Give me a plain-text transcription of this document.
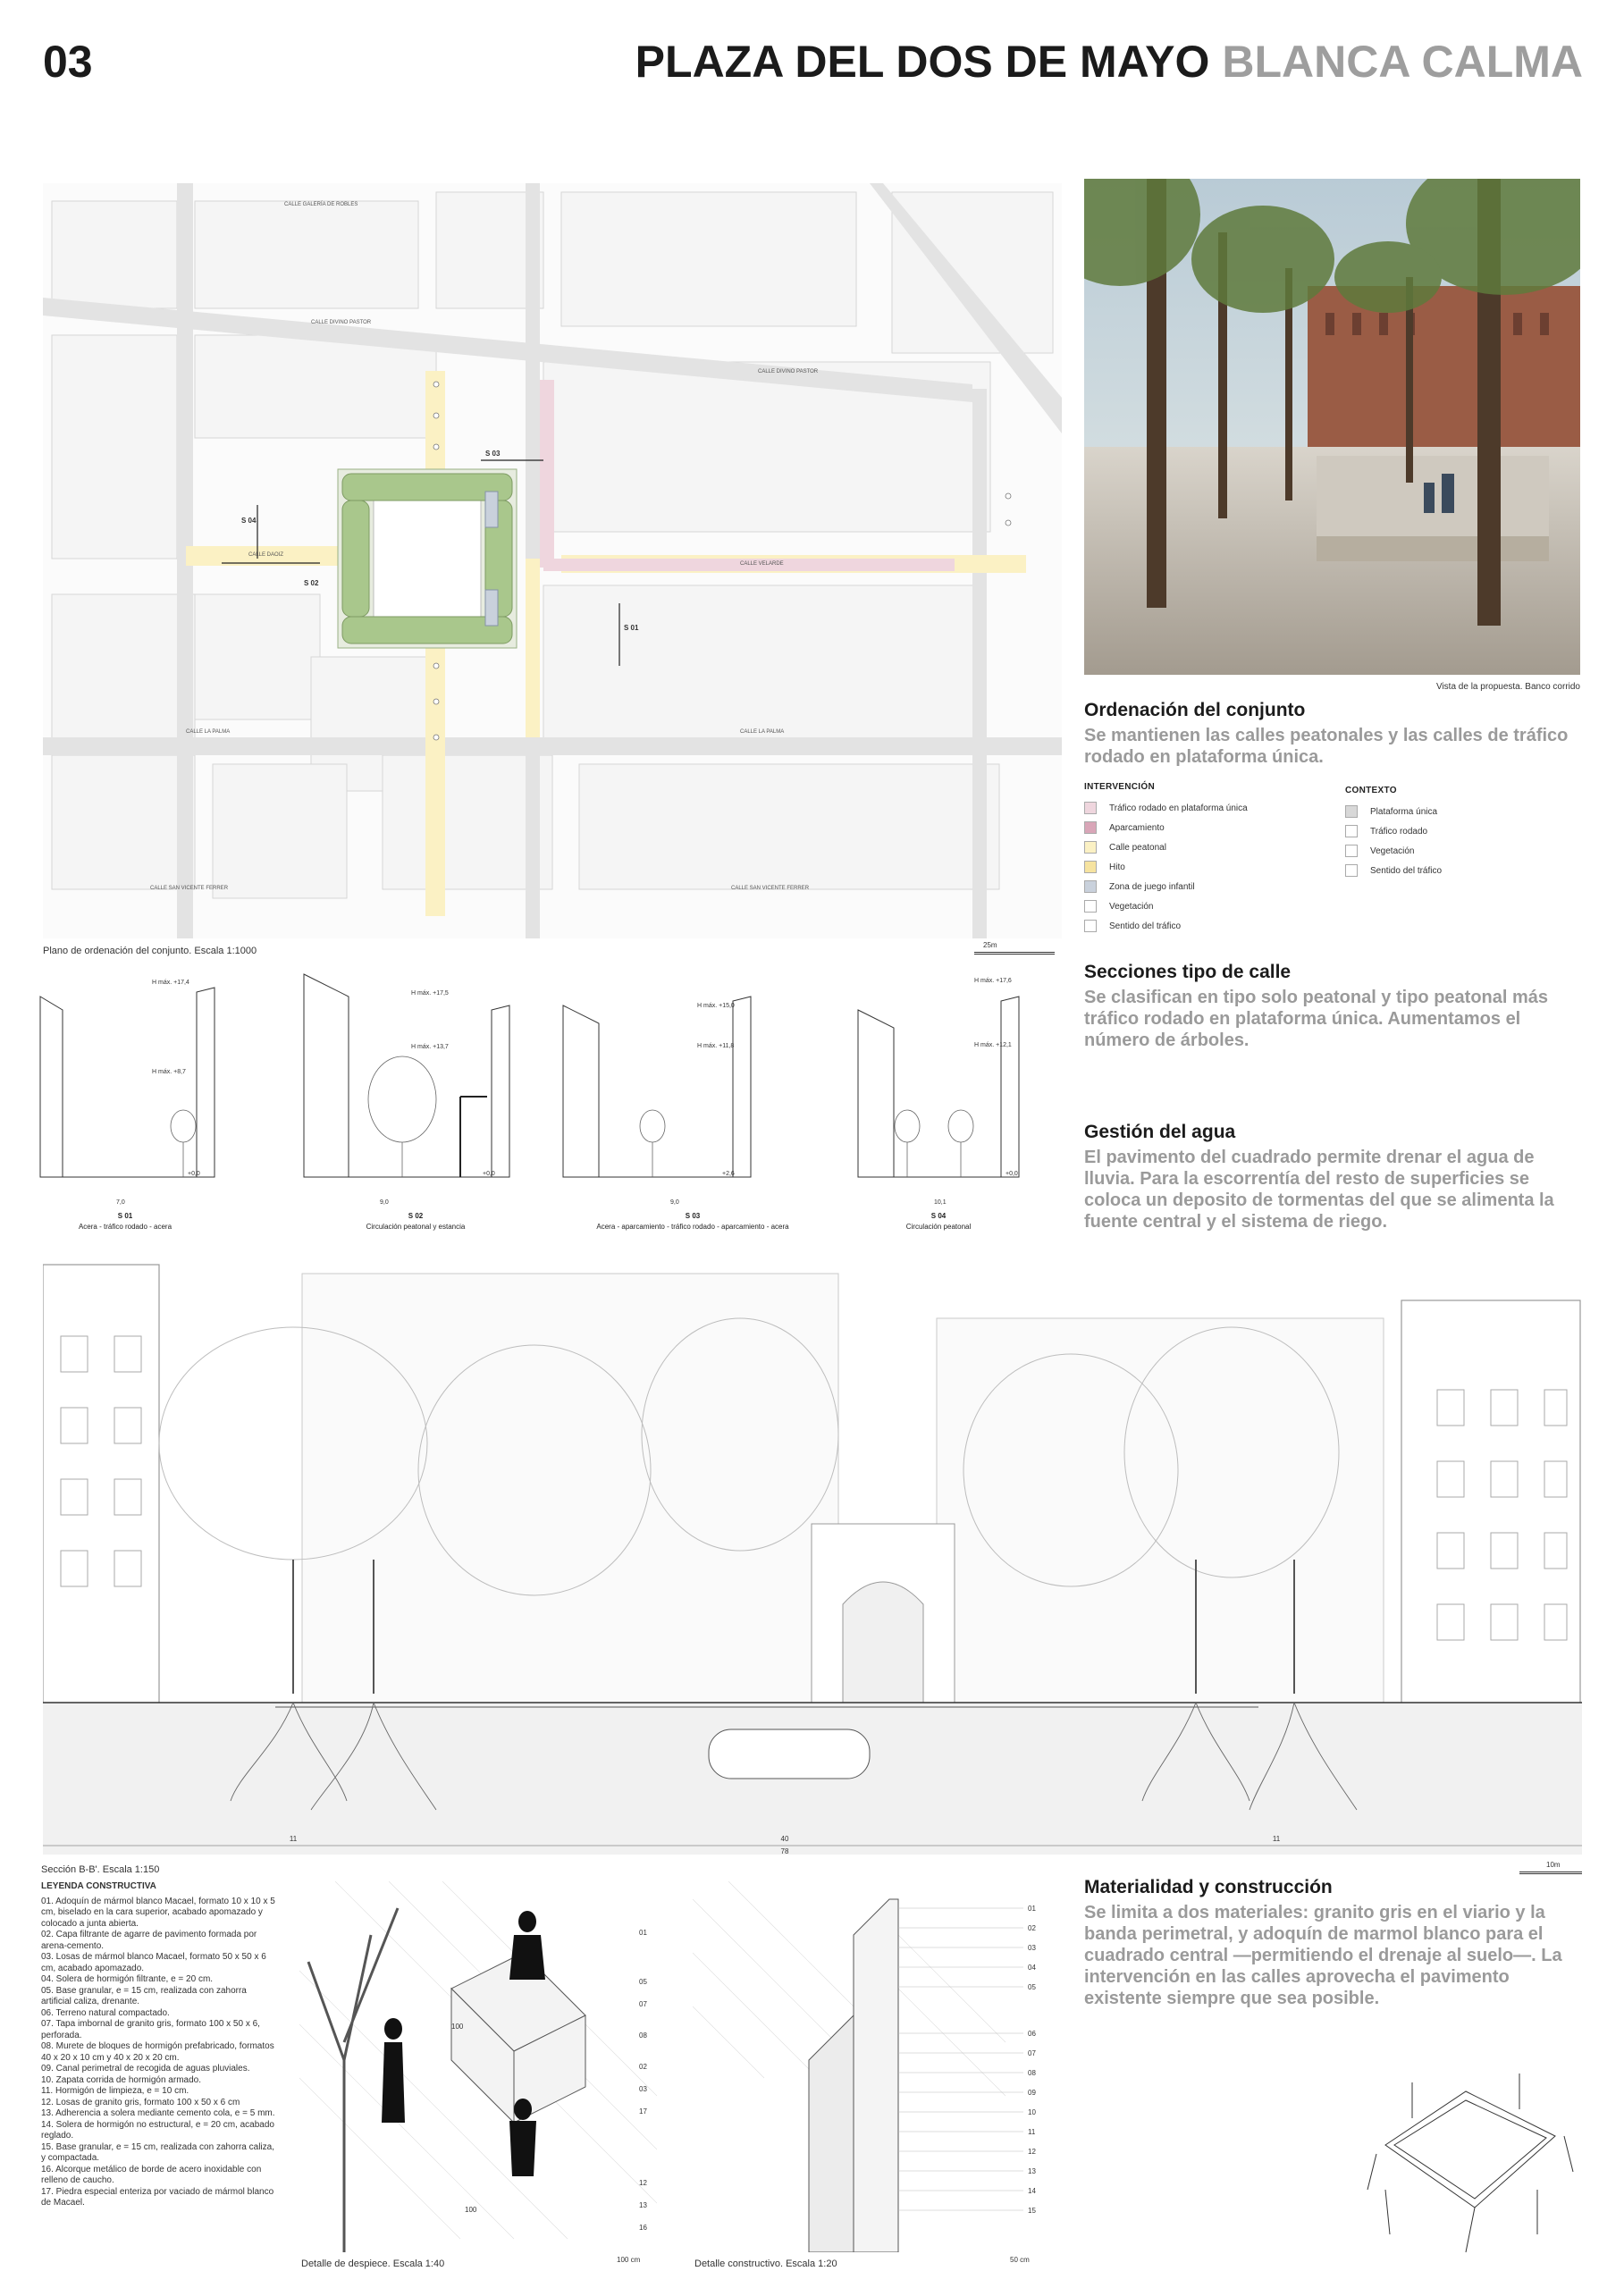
03	PLAZA DEL DOS DE MAYO BLANCA CALMA
S 03
S 02
S 01
S 04
CALLE GALERÍA DE ROBLES
CALLE DIVINO PASTOR
CALLE DIVINO PASTOR
CALLE DAOIZ
CALLE VELARDE
CALLE LA PALMA	CALLE LA PALMA
CALLE SAN VICENTE FERRER	CALLE SAN VICENTE FERRER
Plano de ordenación del conjunto. Escala 1:1000
25m
Vista de la propuesta. Banco corrido
Ordenación del conjunto
Se mantienen las calles peatonales y las calles de tráfico rodado en plataforma única.
INTERVENCIÓN
Tráfico rodado en plataforma única
Aparcamiento
Calle peatonal
Hito
Zona de juego infantil
Vegetación
Sentido del tráfico
CONTEXTO
Plataforma única
Tráfico rodado
Vegetación
Sentido del tráfico
H máx. +17,4
H máx. +8,7
7,0
+0,0
H máx. +17,5
H máx. +13,7
9,0
+0,0
H máx. +15,0
H máx. +11,8
9,0
+2,6
H máx. +17,6
H máx. +12,1
10,1
+0,0
S 01
Acera - tráfico rodado - acera
S 02
Circulación peatonal y estancia
S 03
Acera - aparcamiento - tráfico rodado - aparcamiento - acera
S 04
Circulación peatonal
Secciones tipo de calle
Se clasifican en tipo solo peatonal y tipo peatonal más tráfico rodado en plataforma única. Aumentamos el número de árboles.
Gestión del agua
El pavimento del cuadrado permite drenar el agua de lluvia. Para la escorrentía del resto de superficies se coloca un deposito de tormentas del que se alimenta la fuente central y el sistema de riego.
11	40	11
78
Sección B-B'. Escala 1:150	10m
LEYENDA CONSTRUCTIVA
01. Adoquín de mármol blanco Macael, formato 10 x 10 x 5 cm, biselado en la cara superior, acabado apomazado y colocado a junta abierta.
02. Capa filtrante de agarre de pavimento formada por arena-cemento.
03. Losas de mármol blanco Macael, formato 50 x 50 x 6 cm, acabado apomazado.
04. Solera de hormigón filtrante, e = 20 cm.
05. Base granular, e = 15 cm, realizada con zahorra artificial caliza, drenante.
06. Terreno natural compactado.
07. Tapa imbornal de granito gris, formato 100 x 50 x 6, perforada.
08. Murete de bloques de hormigón prefabricado, formatos 40 x 20 x 10 cm y 40 x 20 x 20 cm.
09. Canal perimetral de recogida de aguas pluviales.
10. Zapata corrida de hormigón armado.
11. Hormigón de limpieza, e = 10 cm.
12. Losas de granito gris, formato 100 x 50 x 6 cm
13. Adherencia a solera mediante cemento cola, e = 5 mm.
14. Solera de hormigón no estructural, e = 20 cm, acabado reglado.
15. Base granular, e = 15 cm, realizada con zahorra caliza, y compactada.
16. Alcorque metálico de borde de acero inoxidable con relleno de caucho.
17. Piedra especial enteriza por vaciado de mármol blanco de Macael.
01
05
07
08
02
03
17
12
13
16
100
100
Detalle de despiece. Escala 1:40	100 cm
01
02
03
04
05
06
07
08
09
10
11
12
13
14
15
Detalle constructivo. Escala 1:20	50 cm
Materialidad y construcción
Se limita a dos materiales: granito gris en el viario y la banda perimetral, y adoquín de marmol blanco para el cuadrado central —permitiendo el drenaje al suelo—. La intervención en las calles aprovecha el pavimento existente siempre que sea posible.
